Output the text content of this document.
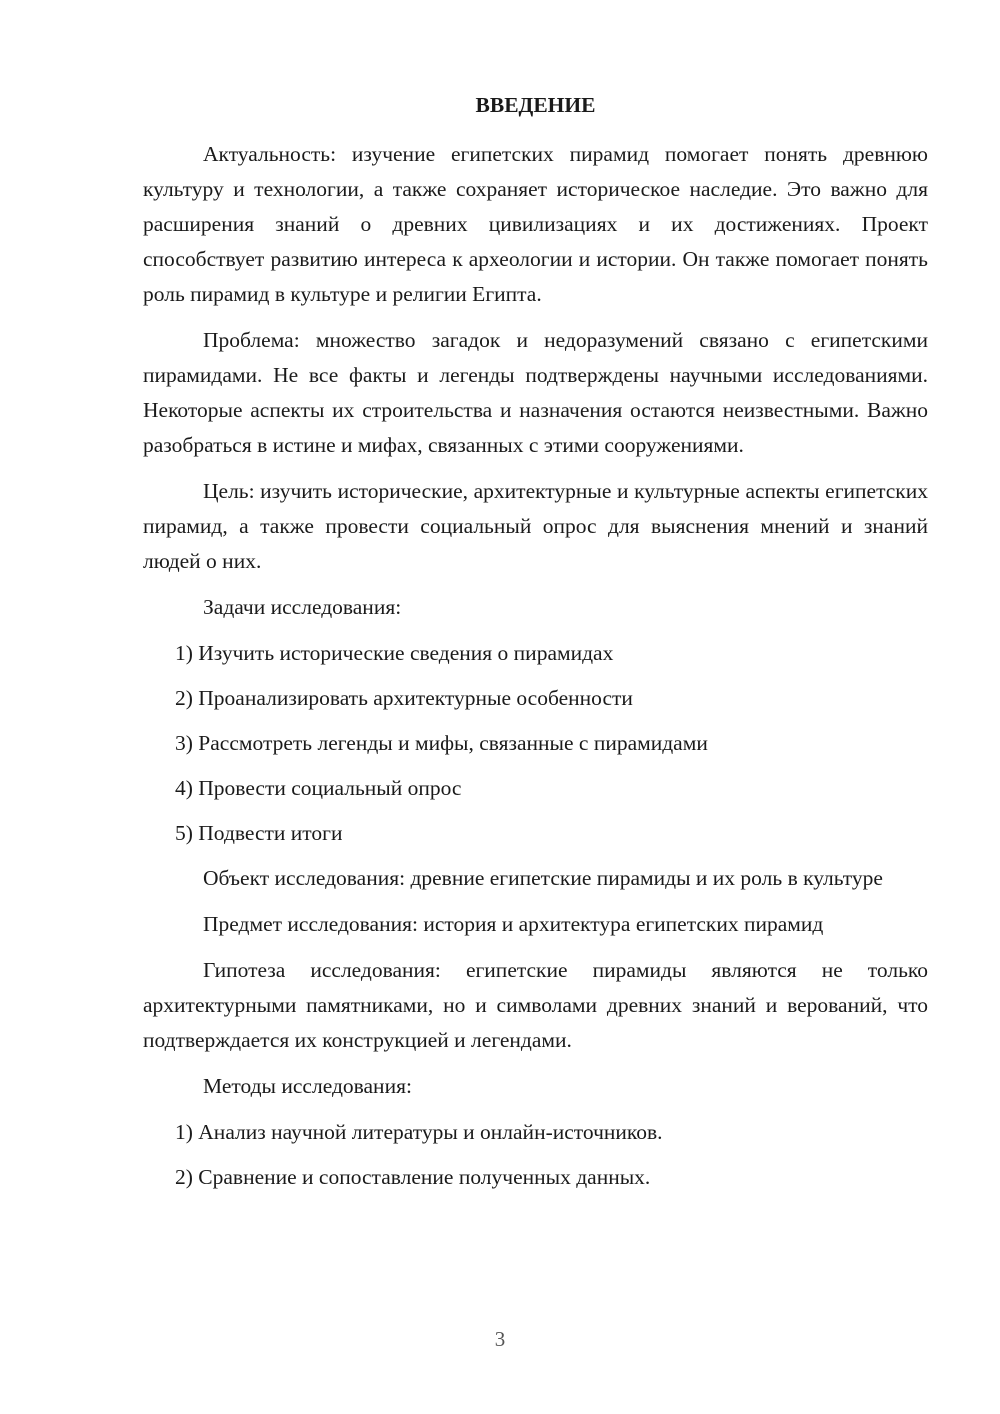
ВВЕДЕНИЕ

Актуальность: изучение египетских пирамид помогает понять древнюю культуру и технологии, а также сохраняет историческое наследие. Это важно для расширения знаний о древних цивилизациях и их достижениях. Проект способствует развитию интереса к археологии и истории. Он также помогает понять роль пирамид в культуре и религии Египта.

Проблема: множество загадок и недоразумений связано с египетскими пирамидами. Не все факты и легенды подтверждены научными исследованиями. Некоторые аспекты их строительства и назначения остаются неизвестными. Важно разобраться в истине и мифах, связанных с этими сооружениями.

Цель: изучить исторические, архитектурные и культурные аспекты египетских пирамид, а также провести социальный опрос для выяснения мнений и знаний людей о них.

Задачи исследования:

1) Изучить исторические сведения о пирамидах
2) Проанализировать архитектурные особенности
3) Рассмотреть легенды и мифы, связанные с пирамидами
4) Провести социальный опрос
5) Подвести итоги

Объект исследования: древние египетские пирамиды и их роль в культуре

Предмет исследования: история и архитектура египетских пирамид

Гипотеза исследования: египетские пирамиды являются не только архитектурными памятниками, но и символами древних знаний и верований, что подтверждается их конструкцией и легендами.

Методы исследования:

1) Анализ научной литературы и онлайн-источников.
2) Сравнение и сопоставление полученных данных.
3
